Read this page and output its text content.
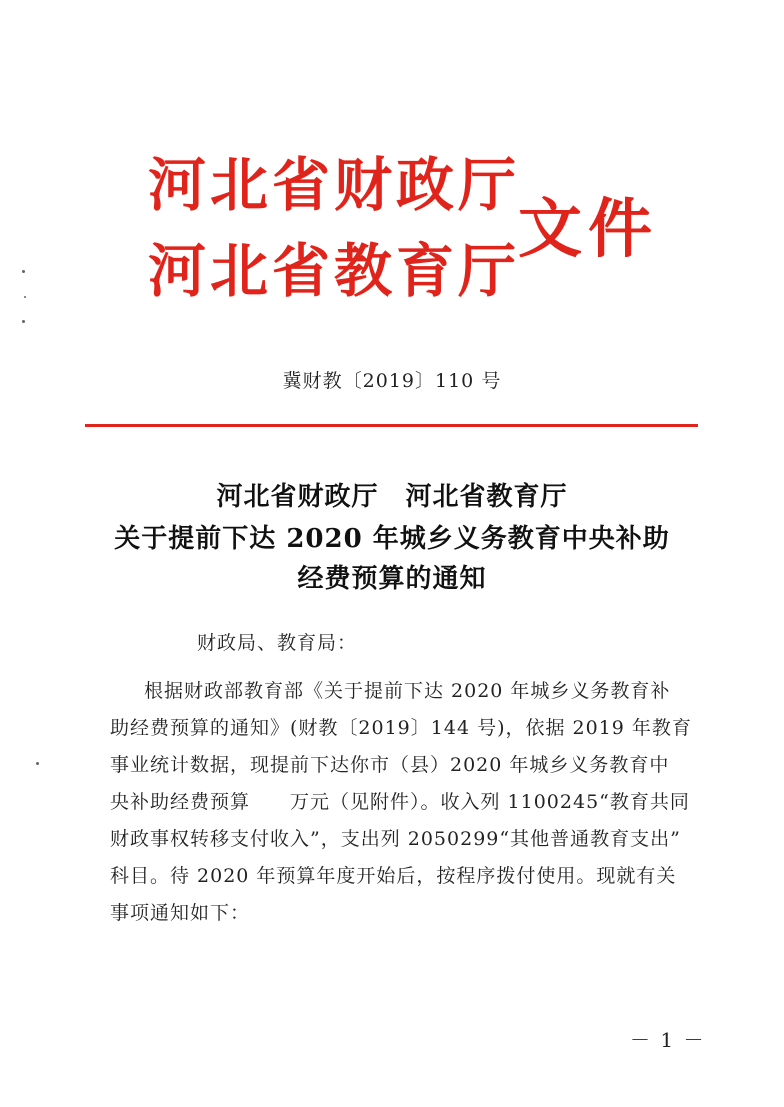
河北省财政厅
河北省教育厅
文件
冀财教〔2019〕110 号
河北省财政厅　河北省教育厅
关于提前下达 2020 年城乡义务教育中央补助
经费预算的通知
财政局、教育局：
根据财政部教育部《关于提前下达 2020 年城乡义务教育补
助经费预算的通知》(财教〔2019〕144 号)，依据 2019 年教育
事业统计数据，现提前下达你市（县）2020 年城乡义务教育中
央补助经费预算　　万元（见附件）。收入列 1100245“教育共同
财政事权转移支付收入”，支出列 2050299“其他普通教育支出”
科目。待 2020 年预算年度开始后，按程序拨付使用。现就有关
事项通知如下：
－ 1 －
